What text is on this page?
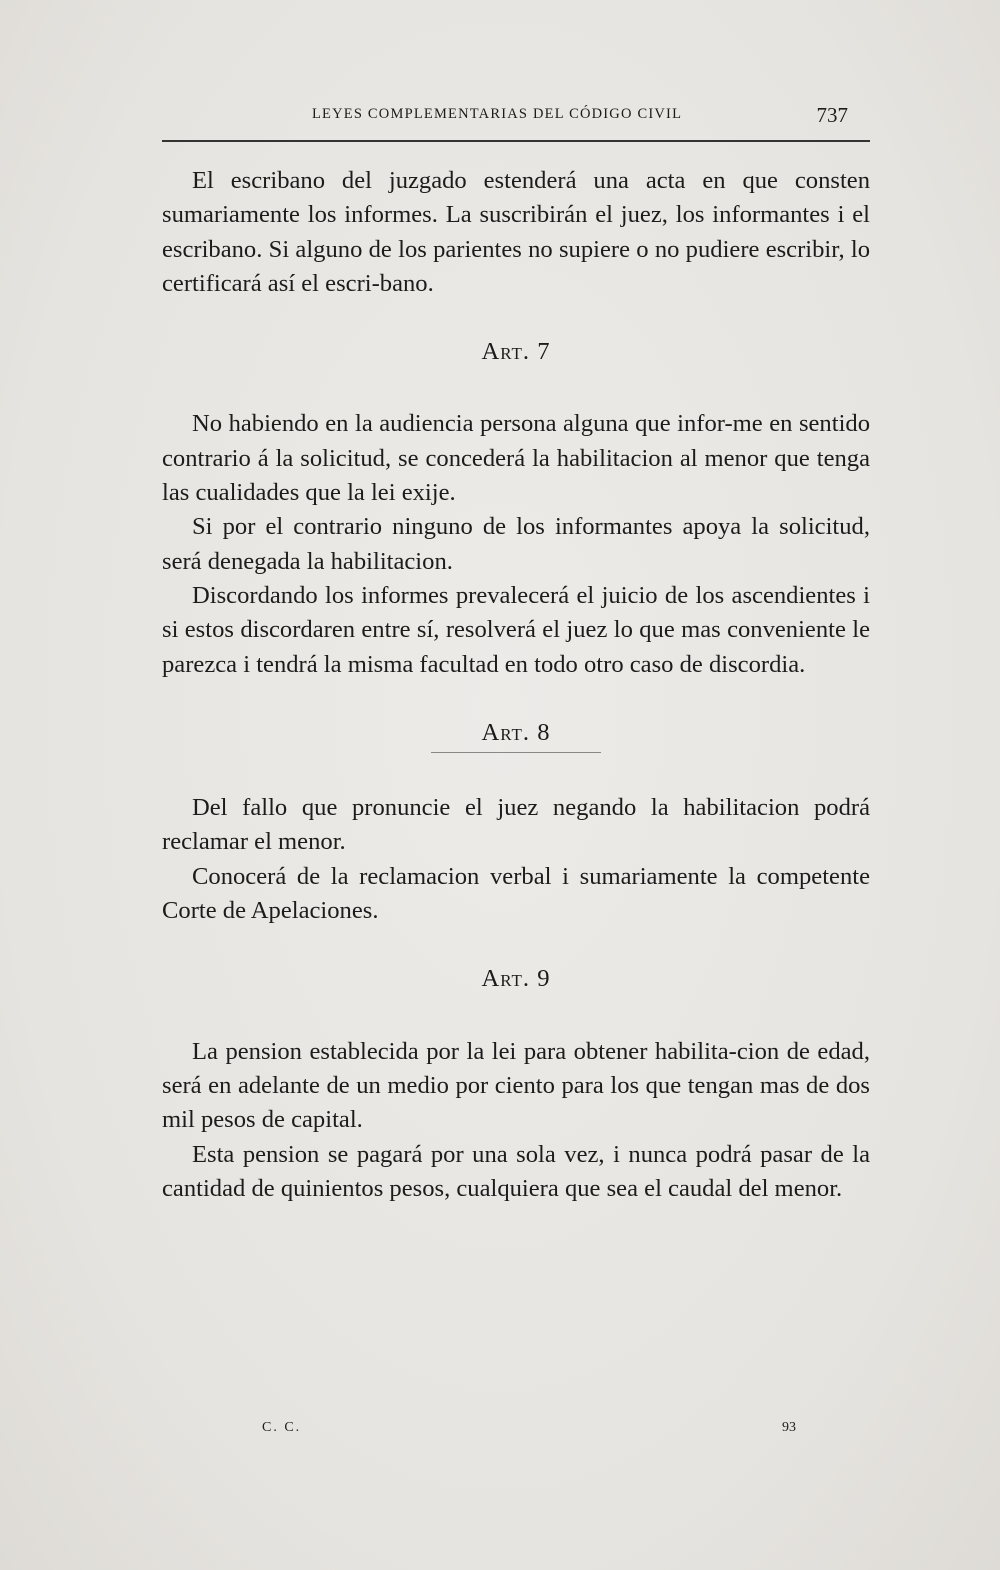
LEYES COMPLEMENTARIAS DEL CÓDIGO CIVIL	737

El escribano del juzgado estenderá una acta en que consten sumariamente los informes. La suscribirán el juez, los informantes i el escribano. Si alguno de los parientes no supiere o no pudiere escribir, lo certificará así el escri-bano.

Art. 7

No habiendo en la audiencia persona alguna que infor-me en sentido contrario á la solicitud, se concederá la habilitacion al menor que tenga las cualidades que la lei exije.

Si por el contrario ninguno de los informantes apoya la solicitud, será denegada la habilitacion.

Discordando los informes prevalecerá el juicio de los ascendientes i si estos discordaren entre sí, resolverá el juez lo que mas conveniente le parezca i tendrá la misma facultad en todo otro caso de discordia.

Art. 8

Del fallo que pronuncie el juez negando la habilitacion podrá reclamar el menor.

Conocerá de la reclamacion verbal i sumariamente la competente Corte de Apelaciones.

Art. 9

La pension establecida por la lei para obtener habilita-cion de edad, será en adelante de un medio por ciento para los que tengan mas de dos mil pesos de capital.

Esta pension se pagará por una sola vez, i nunca podrá pasar de la cantidad de quinientos pesos, cualquiera que sea el caudal del menor.

C. C.	93
